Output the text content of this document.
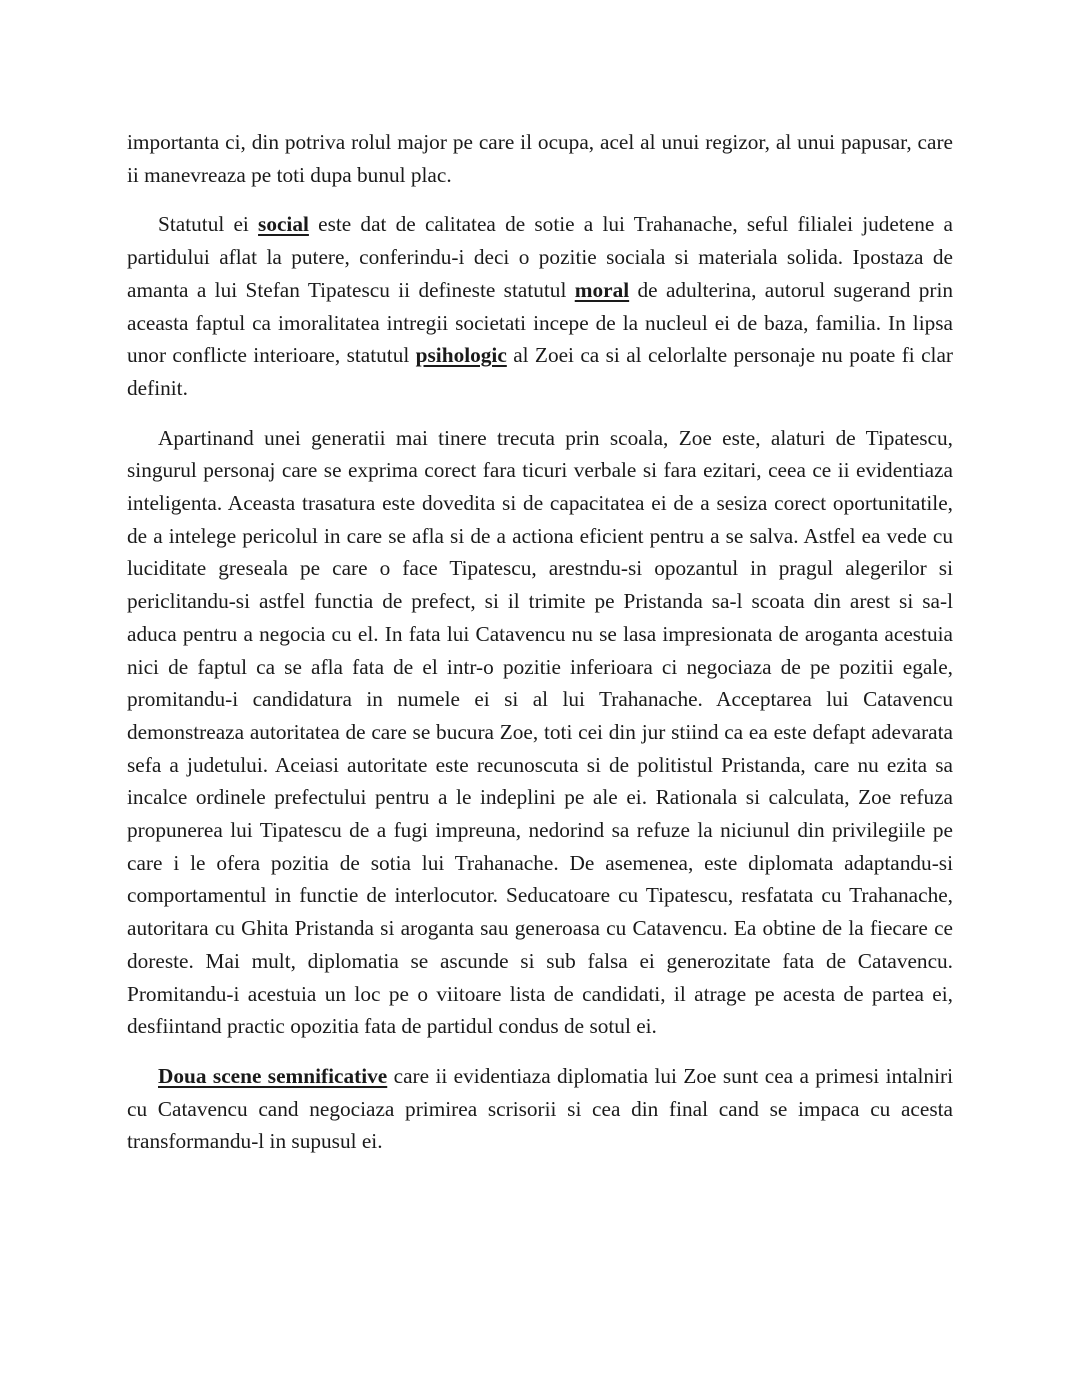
importanta ci, din potriva rolul major pe care il ocupa, acel al unui regizor, al unui papusar, care ii manevreaza pe toti dupa bunul plac.

Statutul ei social este dat de calitatea de sotie a lui Trahanache, seful filialei judetene a partidului aflat la putere, conferindu-i deci o pozitie sociala si materiala solida. Ipostaza de amanta a lui Stefan Tipatescu ii defineste statutul moral de adulterina, autorul sugerand prin aceasta faptul ca imoralitatea intregii societati incepe de la nucleul ei de baza, familia. In lipsa unor conflicte interioare, statutul psihologic al Zoei ca si al celorlalte personaje nu poate fi clar definit.

Apartinand unei generatii mai tinere trecuta prin scoala, Zoe este, alaturi de Tipatescu, singurul personaj care se exprima corect fara ticuri verbale si fara ezitari, ceea ce ii evidentiaza inteligenta. Aceasta trasatura este dovedita si de capacitatea ei de a sesiza corect oportunitatile, de a intelege pericolul in care se afla si de a actiona eficient pentru a se salva. Astfel ea vede cu luciditate greseala pe care o face Tipatescu, arestndu-si opozantul in pragul alegerilor si periclitandu-si astfel functia de prefect, si il trimite pe Pristanda sa-l scoata din arest si sa-l aduca pentru a negocia cu el. In fata lui Catavencu nu se lasa impresionata de aroganta acestuia nici de faptul ca se afla fata de el intr-o pozitie inferioara ci negociaza de pe pozitii egale, promitandu-i candidatura in numele ei si al lui Trahanache. Acceptarea lui Catavencu demonstreaza autoritatea de care se bucura Zoe, toti cei din jur stiind ca ea este defapt adevarata sefa a judetului. Aceiasi autoritate este recunoscuta si de politistul Pristanda, care nu ezita sa incalce ordinele prefectului pentru a le indeplini pe ale ei. Rationala si calculata, Zoe refuza propunerea lui Tipatescu de a fugi impreuna, nedorind sa refuze la niciunul din privilegiile pe care i le ofera pozitia de sotia lui Trahanache. De asemenea, este diplomata adaptandu-si comportamentul in functie de interlocutor. Seducatoare cu Tipatescu, resfatata cu Trahanache, autoritara cu Ghita Pristanda si aroganta sau generoasa cu Catavencu. Ea obtine de la fiecare ce doreste. Mai mult, diplomatia se ascunde si sub falsa ei generozitate fata de Catavencu. Promitandu-i acestuia un loc pe o viitoare lista de candidati, il atrage pe acesta de partea ei, desfiintand practic opozitia fata de partidul condus de sotul ei.

Doua scene semnificative care ii evidentiaza diplomatia lui Zoe sunt cea a primesi intalniri cu Catavencu cand negociaza primirea scrisorii si cea din final cand se impaca cu acesta transformandu-l in supusul ei.
